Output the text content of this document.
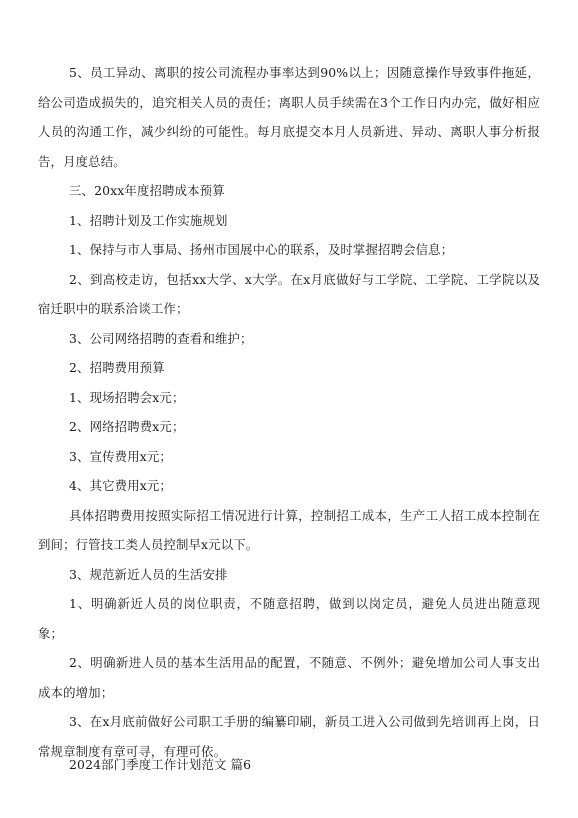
5、员工异动、离职的按公司流程办事率达到90%以上；因随意操作导致事件拖延，给公司造成损失的，追究相关人员的责任；离职人员手续需在3个工作日内办完，做好相应人员的沟通工作，减少纠纷的可能性。每月底提交本月人员新进、异动、离职人事分析报告，月度总结。

三、20xx年度招聘成本预算

1、招聘计划及工作实施规划

1、保持与市人事局、扬州市国展中心的联系，及时掌握招聘会信息；

2、到高校走访，包括xx大学、x大学。在x月底做好与工学院、工学院、工学院以及宿迁职中的联系洽谈工作；

3、公司网络招聘的查看和维护；

2、招聘费用预算

1、现场招聘会x元；

2、网络招聘费x元；

3、宣传费用x元；

4、其它费用x元；

具体招聘费用按照实际招工情况进行计算，控制招工成本，生产工人招工成本控制在到间；行管技工类人员控制早x元以下。

3、规范新近人员的生活安排

1、明确新近人员的岗位职责，不随意招聘，做到以岗定员，避免人员进出随意现象；

2、明确新进人员的基本生活用品的配置，不随意、不例外；避免增加公司人事支出成本的增加；

3、在x月底前做好公司职工手册的编纂印刷，新员工进入公司做到先培训再上岗，日常规章制度有章可寻，有理可依。

2024部门季度工作计划范文 篇6
